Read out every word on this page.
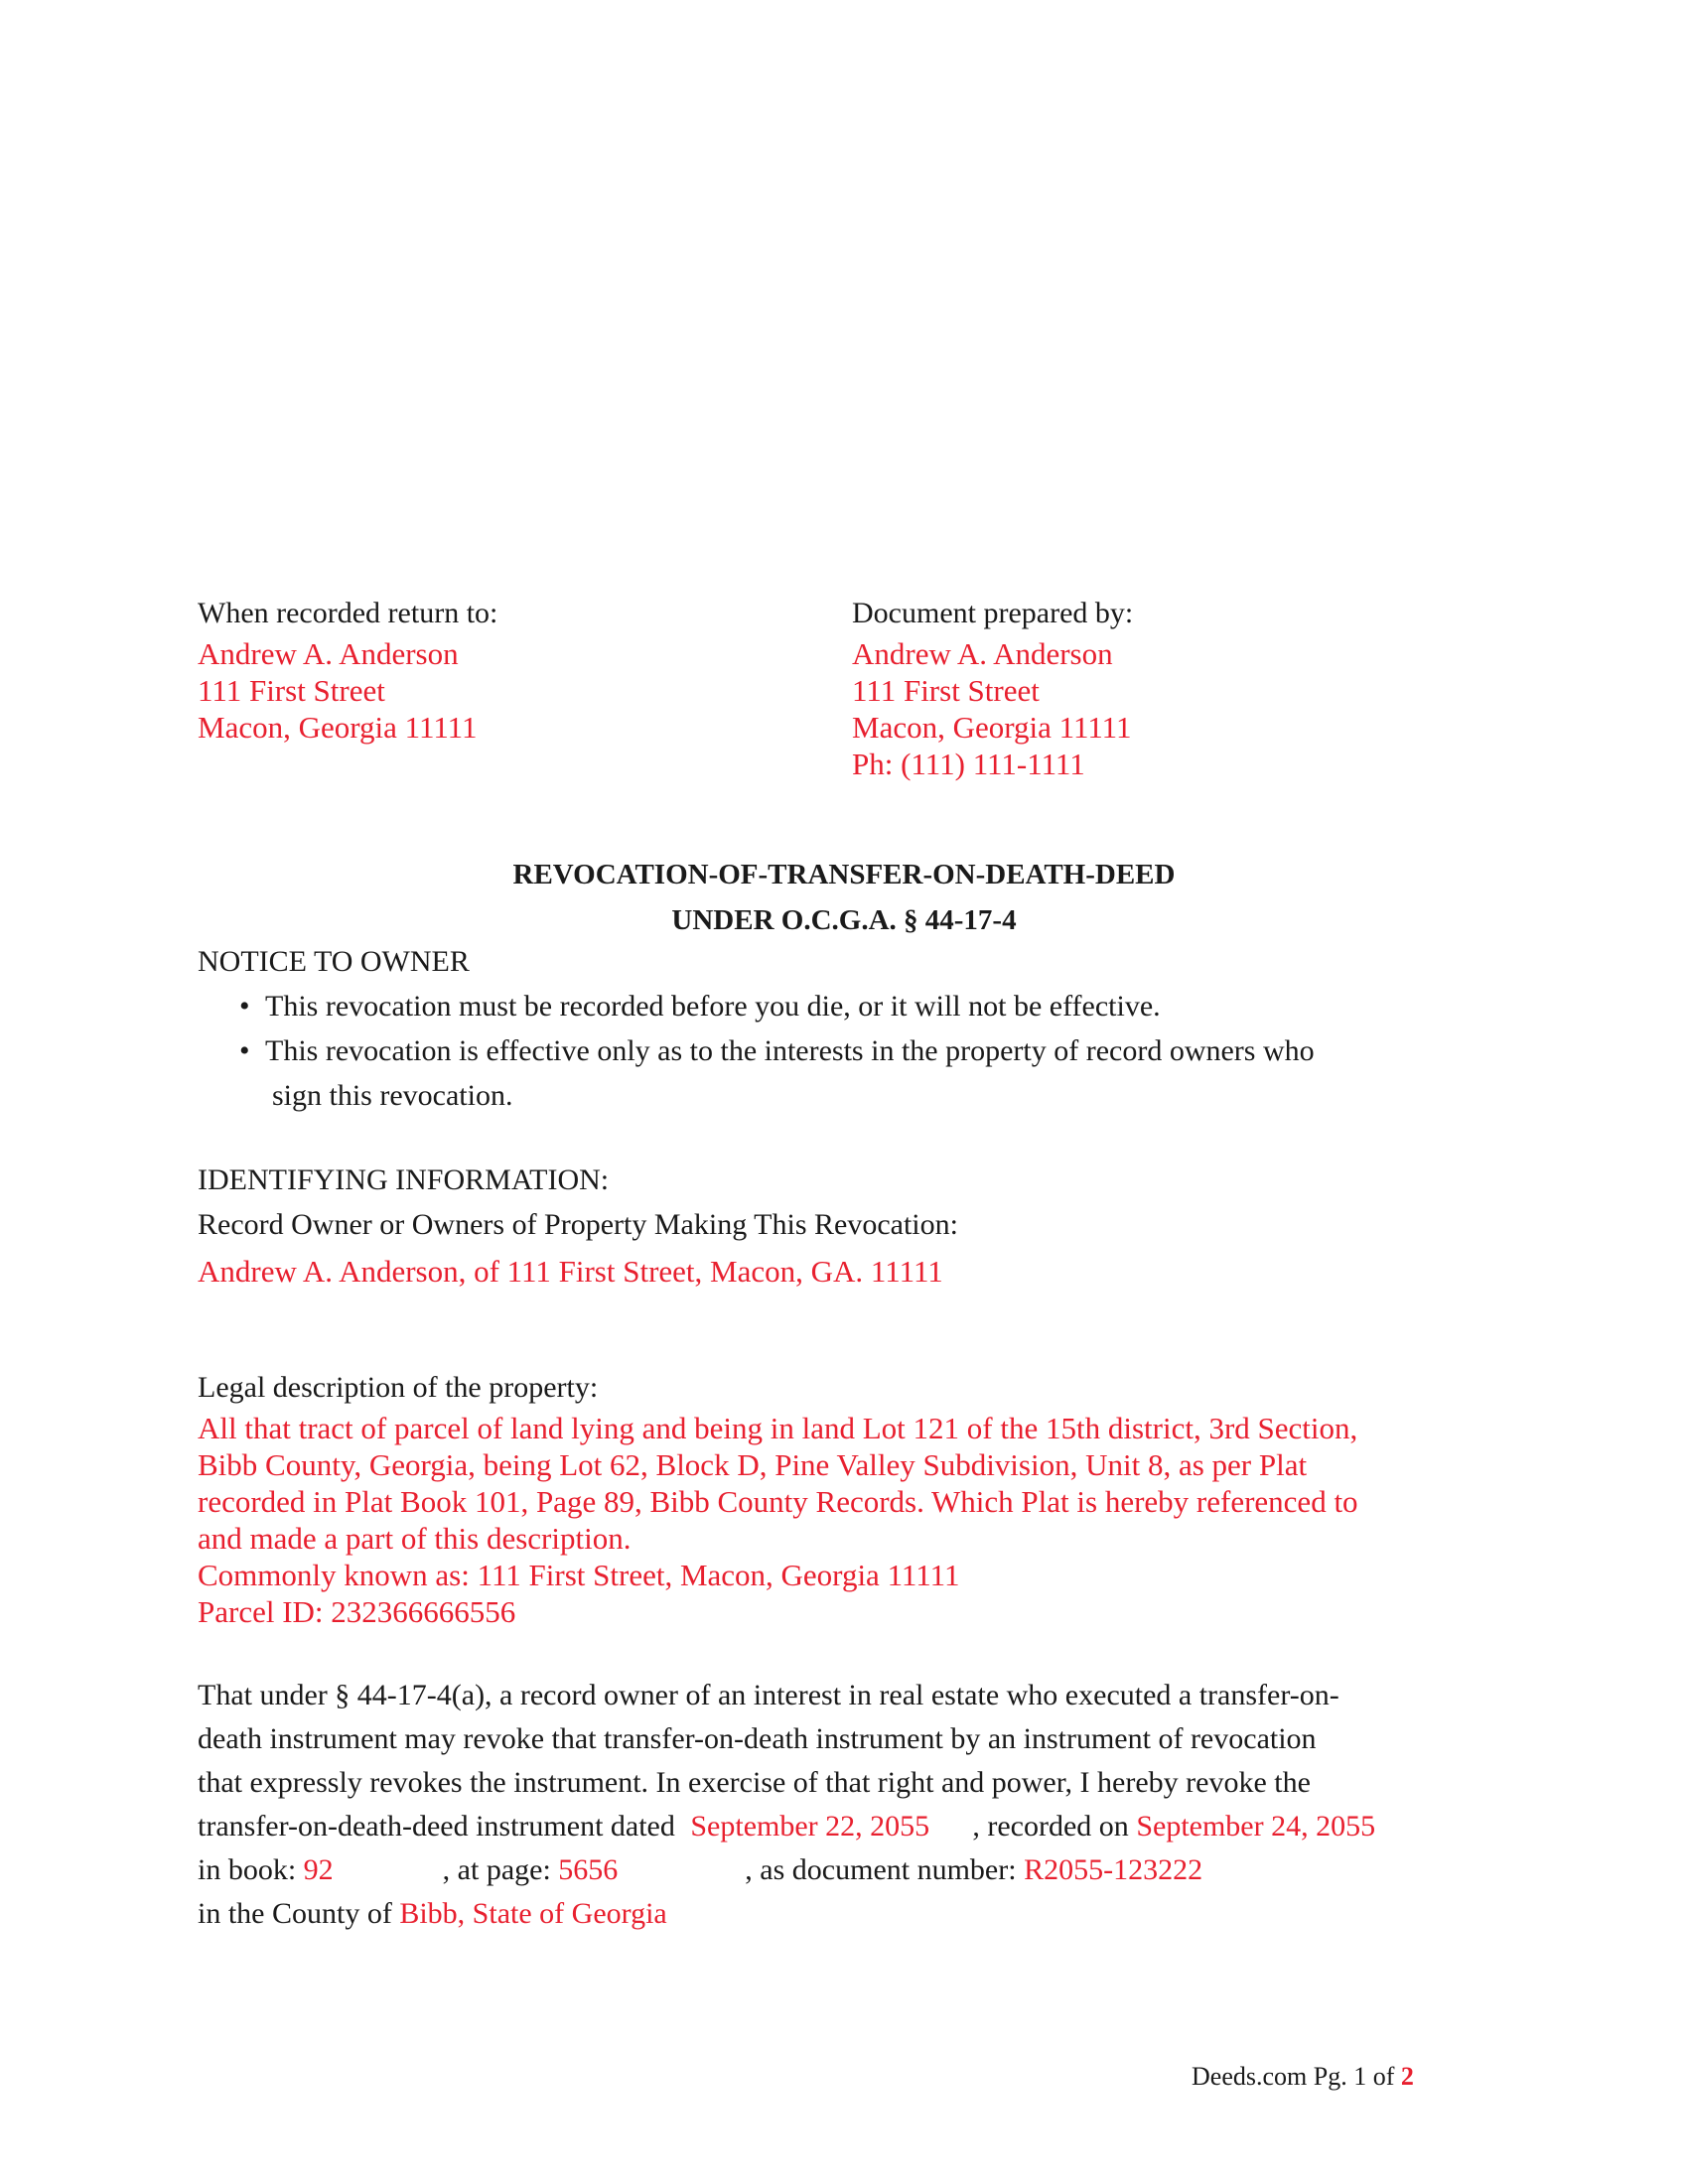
When recorded return to:
Andrew A. Anderson
111 First Street
Macon, Georgia 11111
Document prepared by:
Andrew A. Anderson
111 First Street
Macon, Georgia 11111
Ph: (111) 111-1111
REVOCATION-OF-TRANSFER-ON-DEATH-DEED
UNDER O.C.G.A. § 44-17-4
NOTICE TO OWNER
• This revocation must be recorded before you die, or it will not be effective.
• This revocation is effective only as to the interests in the property of record owners who
sign this revocation.
IDENTIFYING INFORMATION:
Record Owner or Owners of Property Making This Revocation:
Andrew A. Anderson, of 111 First Street, Macon, GA. 11111
Legal description of the property:
All that tract of parcel of land lying and being in land Lot 121 of the 15th district, 3rd Section,
Bibb County, Georgia, being Lot 62, Block D, Pine Valley Subdivision, Unit 8, as per Plat
recorded in Plat Book 101, Page 89, Bibb County Records. Which Plat is hereby referenced to
and made a part of this description.
Commonly known as: 111 First Street, Macon, Georgia 11111
Parcel ID: 232366666556
That under § 44-17-4(a), a record owner of an interest in real estate who executed a transfer-on-
death instrument may revoke that transfer-on-death instrument by an instrument of revocation
that expressly revokes the instrument. In exercise of that right and power, I hereby revoke the
transfer-on-death-deed instrument dated September 22, 2055 , recorded on September 24, 2055
in book: 92	, at page: 5656	, as document number: R2055-123222
in the County of Bibb, State of Georgia
Deeds.com Pg. 1 of 2
